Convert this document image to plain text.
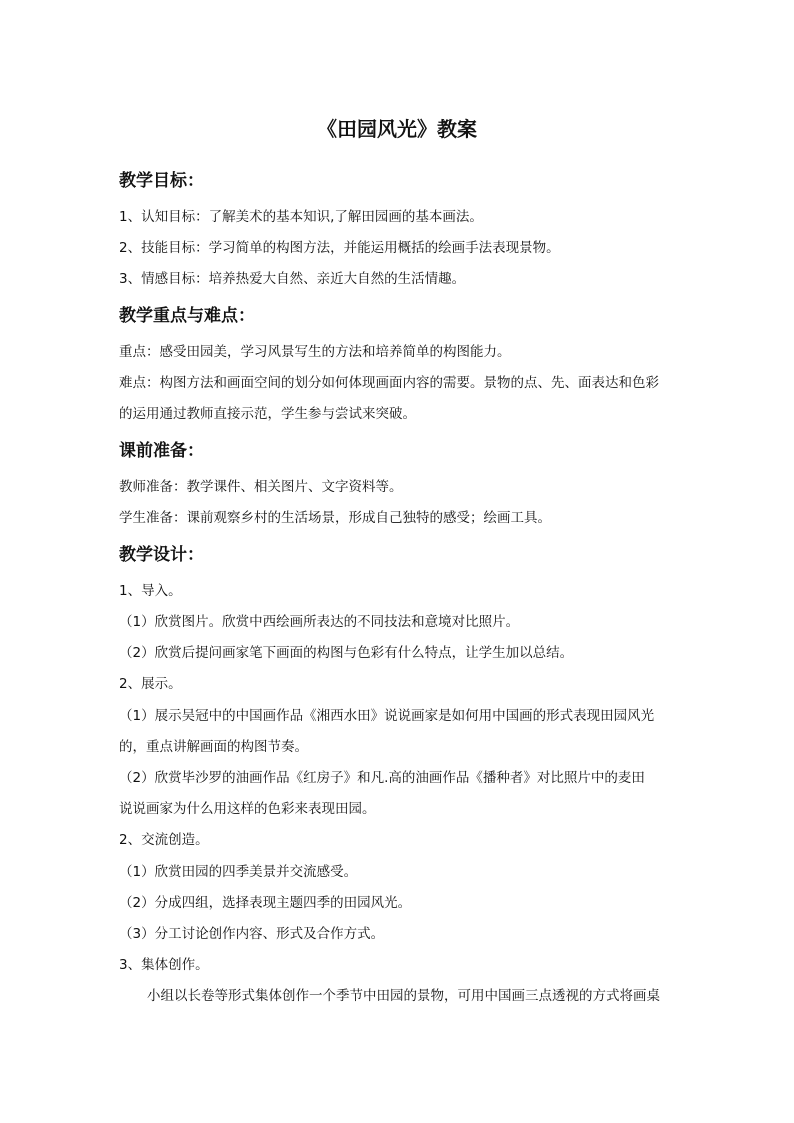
《田园风光》教案
教学目标：
1、认知目标：了解美术的基本知识,了解田园画的基本画法。
2、技能目标：学习简单的构图方法，并能运用概括的绘画手法表现景物。
3、情感目标：培养热爱大自然、亲近大自然的生活情趣。
教学重点与难点：
重点：感受田园美，学习风景写生的方法和培养简单的构图能力。
难点：构图方法和画面空间的划分如何体现画面内容的需要。景物的点、先、面表达和色彩
的运用通过教师直接示范，学生参与尝试来突破。
课前准备：
教师准备：教学课件、相关图片、文字资料等。
学生准备：课前观察乡村的生活场景，形成自己独特的感受；绘画工具。
教学设计：
1、导入。
（1）欣赏图片。欣赏中西绘画所表达的不同技法和意境对比照片。
（2）欣赏后提问画家笔下画面的构图与色彩有什么特点，让学生加以总结。
2、展示。
（1）展示吴冠中的中国画作品《湘西水田》说说画家是如何用中国画的形式表现田园风光
的，重点讲解画面的构图节奏。
（2）欣赏毕沙罗的油画作品《红房子》和凡.高的油画作品《播种者》对比照片中的麦田
说说画家为什么用这样的色彩来表现田园。
2、交流创造。
（1）欣赏田园的四季美景并交流感受。
（2）分成四组，选择表现主题四季的田园风光。
（3）分工讨论创作内容、形式及合作方式。
3、集体创作。
小组以长卷等形式集体创作一个季节中田园的景物，可用中国画三点透视的方式将画桌
